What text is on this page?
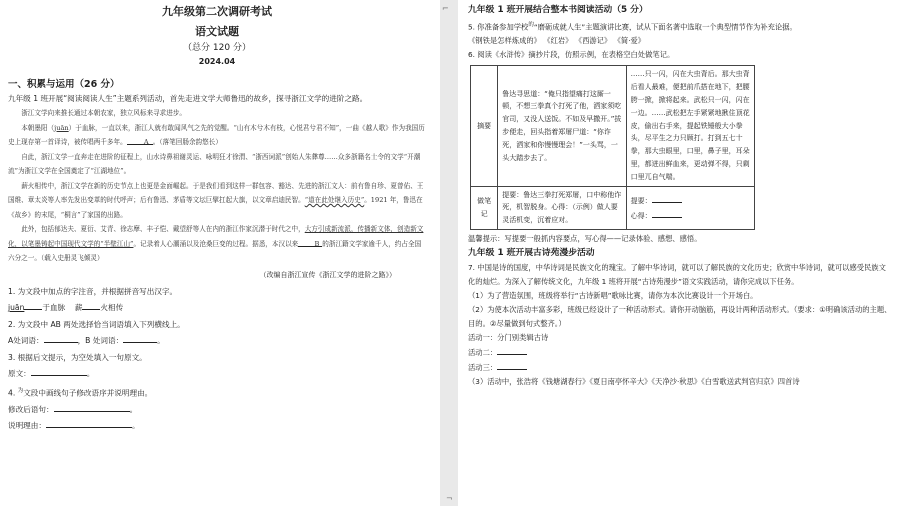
九年级第二次调研考试

语文试题

（总分 120 分）

2024.04

一、积累与运用（26 分）

九年级 1 班开展“阅读阅读人生”主题系列活动，首先走进文学大师鲁迅的故乡，探寻浙江文学的进阶之路。

浙江文学向来推长通过本朝农家，独立风标来寻求进步。

本朝墨阳（juān）于血脉，一直以来，浙江人就有敢闻风气之先的觉醒。“山有木兮木有枝，心悦君兮君不知”，一曲《越人歌》作为我国历史上现存第一首译诗，被传唱两千多年。	A 。（落笔回肠余韵悠长）

自此，浙江文学一直奔走在进阶的征程上，山水诗鼻祖谢灵运、咏明狂才徐渭、“浙西词派”创始人朱彝尊……众多浙籍名士令的文学“开潮流”为浙江文学在全国奠定了“江湖地位”。

薪火相传中，浙江文学在新的历史节点上也更是金面崛起。于是我们看到这样一群包容、豁达、先进的浙江文人：前有鲁自珍、夏曾佑、王国维、章太炎等人率先发出变革的时代呼声；后有鲁迅、茅盾等文坛巨擘扛起大旗，以文章启迪民智。“道在此处继入历史”。1921 年，鲁迅在《故乡》的末尾，“桐言”了家国的出路。

此外，包括郁达夫、夏衍、艾青、徐志摩、丰子恺、戴望舒等人在内的浙江作家沉潜于时代之中，大方引成新流派，传播新文体，创造新文化，以笔墨铸起中国现代文学的“半壁江山”。记录着人心潮涌以及沧桑巨变的过程。据悉，本汉以来 B 的浙江籍文学家逾千人，约占全国六分之一。（载入史册灵飞倾灵）

（改编自浙江宣传《浙江文学的进阶之路》）

1. 为文段中加点的字注音，并根据拼音写出汉字。

juān 于血脉 薪 火相传

2. 为文段中 AB 两处选择恰当词语填入下列横线上。

A处词语：	，B 处词语：	。

3. 根据后文提示，为空处填入一句原文。

原文：	。

4. $^为$文段中画线句子修改语序并说明理由。

修改后语句：	。

说明理由：	。

⌐
¬

九年级 1 班开展结合整本书阅读活动（5 分）

5. 你准备参加学校$^的$“磨砺成就人生”主题演讲比赛，试从下面名著中选取一个典型情节作为补充论据。

《钢铁是怎样炼成的》 《红岩》 《西游记》 《简·爱》

6. 阅读《水浒传》摘抄片段，仿照示例，在表格空白处做笔记。

摘要	鲁达寻思道：“俺只指望痛打这厮一顿，不想三拳真个打死了他，洒家须吃官司，又没人送饭。不如及早撒开。”拔步便走，回头指着郑屠尸道：“你诈死，洒家和你慢慢理会！”一头骂，一头大踏步去了。	……只一闪，闪在大虫背后。那大虫背后看人最难，便把前爪搭在地下，把腰胯一掀，掀将起来。武松只一闪，闪在一边。……武松把左手紧紧地揪住顶花皮，偷出右手来，提起铁锤般大小拳头，尽平生之力只顾打。打到五七十拳，那大虫眼里，口里，鼻子里，耳朵里，都迸出鲜血来，更动弹不得，只剩口里兀自气喘。
做笔记	提要：鲁达三拳打死郑屠，口中称他诈死，机智脱身。心得：（示例）做人要灵活机变，沉着应对。	提要：
心得：

温馨提示：写提要一般抓内容要点，写心得——记录体验、感想、感悟。

九年级 1 班开展古诗苑漫步活动

7. 中国是诗的国度，中华诗词是民族文化的瑰宝。了解中华诗词，就可以了解民族的文化历史；欣赏中华诗词，就可以感受民族文化的灿烂。为深入了解传统文化，九年级 1 班将开展“古诗苑漫步”语文实践活动，请你完成以下任务。

（1）为了营造氛围，班级将举行“古诗新唱”歌咏比赛，请你为本次比赛设计一个开场白。

（2）为使本次活动丰富多彩，班级已经设计了一种活动形式。请你开动脑筋，再设计两种活动形式。（要求：①明确该活动的主题、目的。②尽量做到句式整齐。）

活动一：分门别类辑古诗

活动二：

活动三：

（3）活动中，张浩将《钱塘湖春行》《夏日南亭怀辛大》《天净沙·秋思》《白雪歌送武判官归京》四首诗
